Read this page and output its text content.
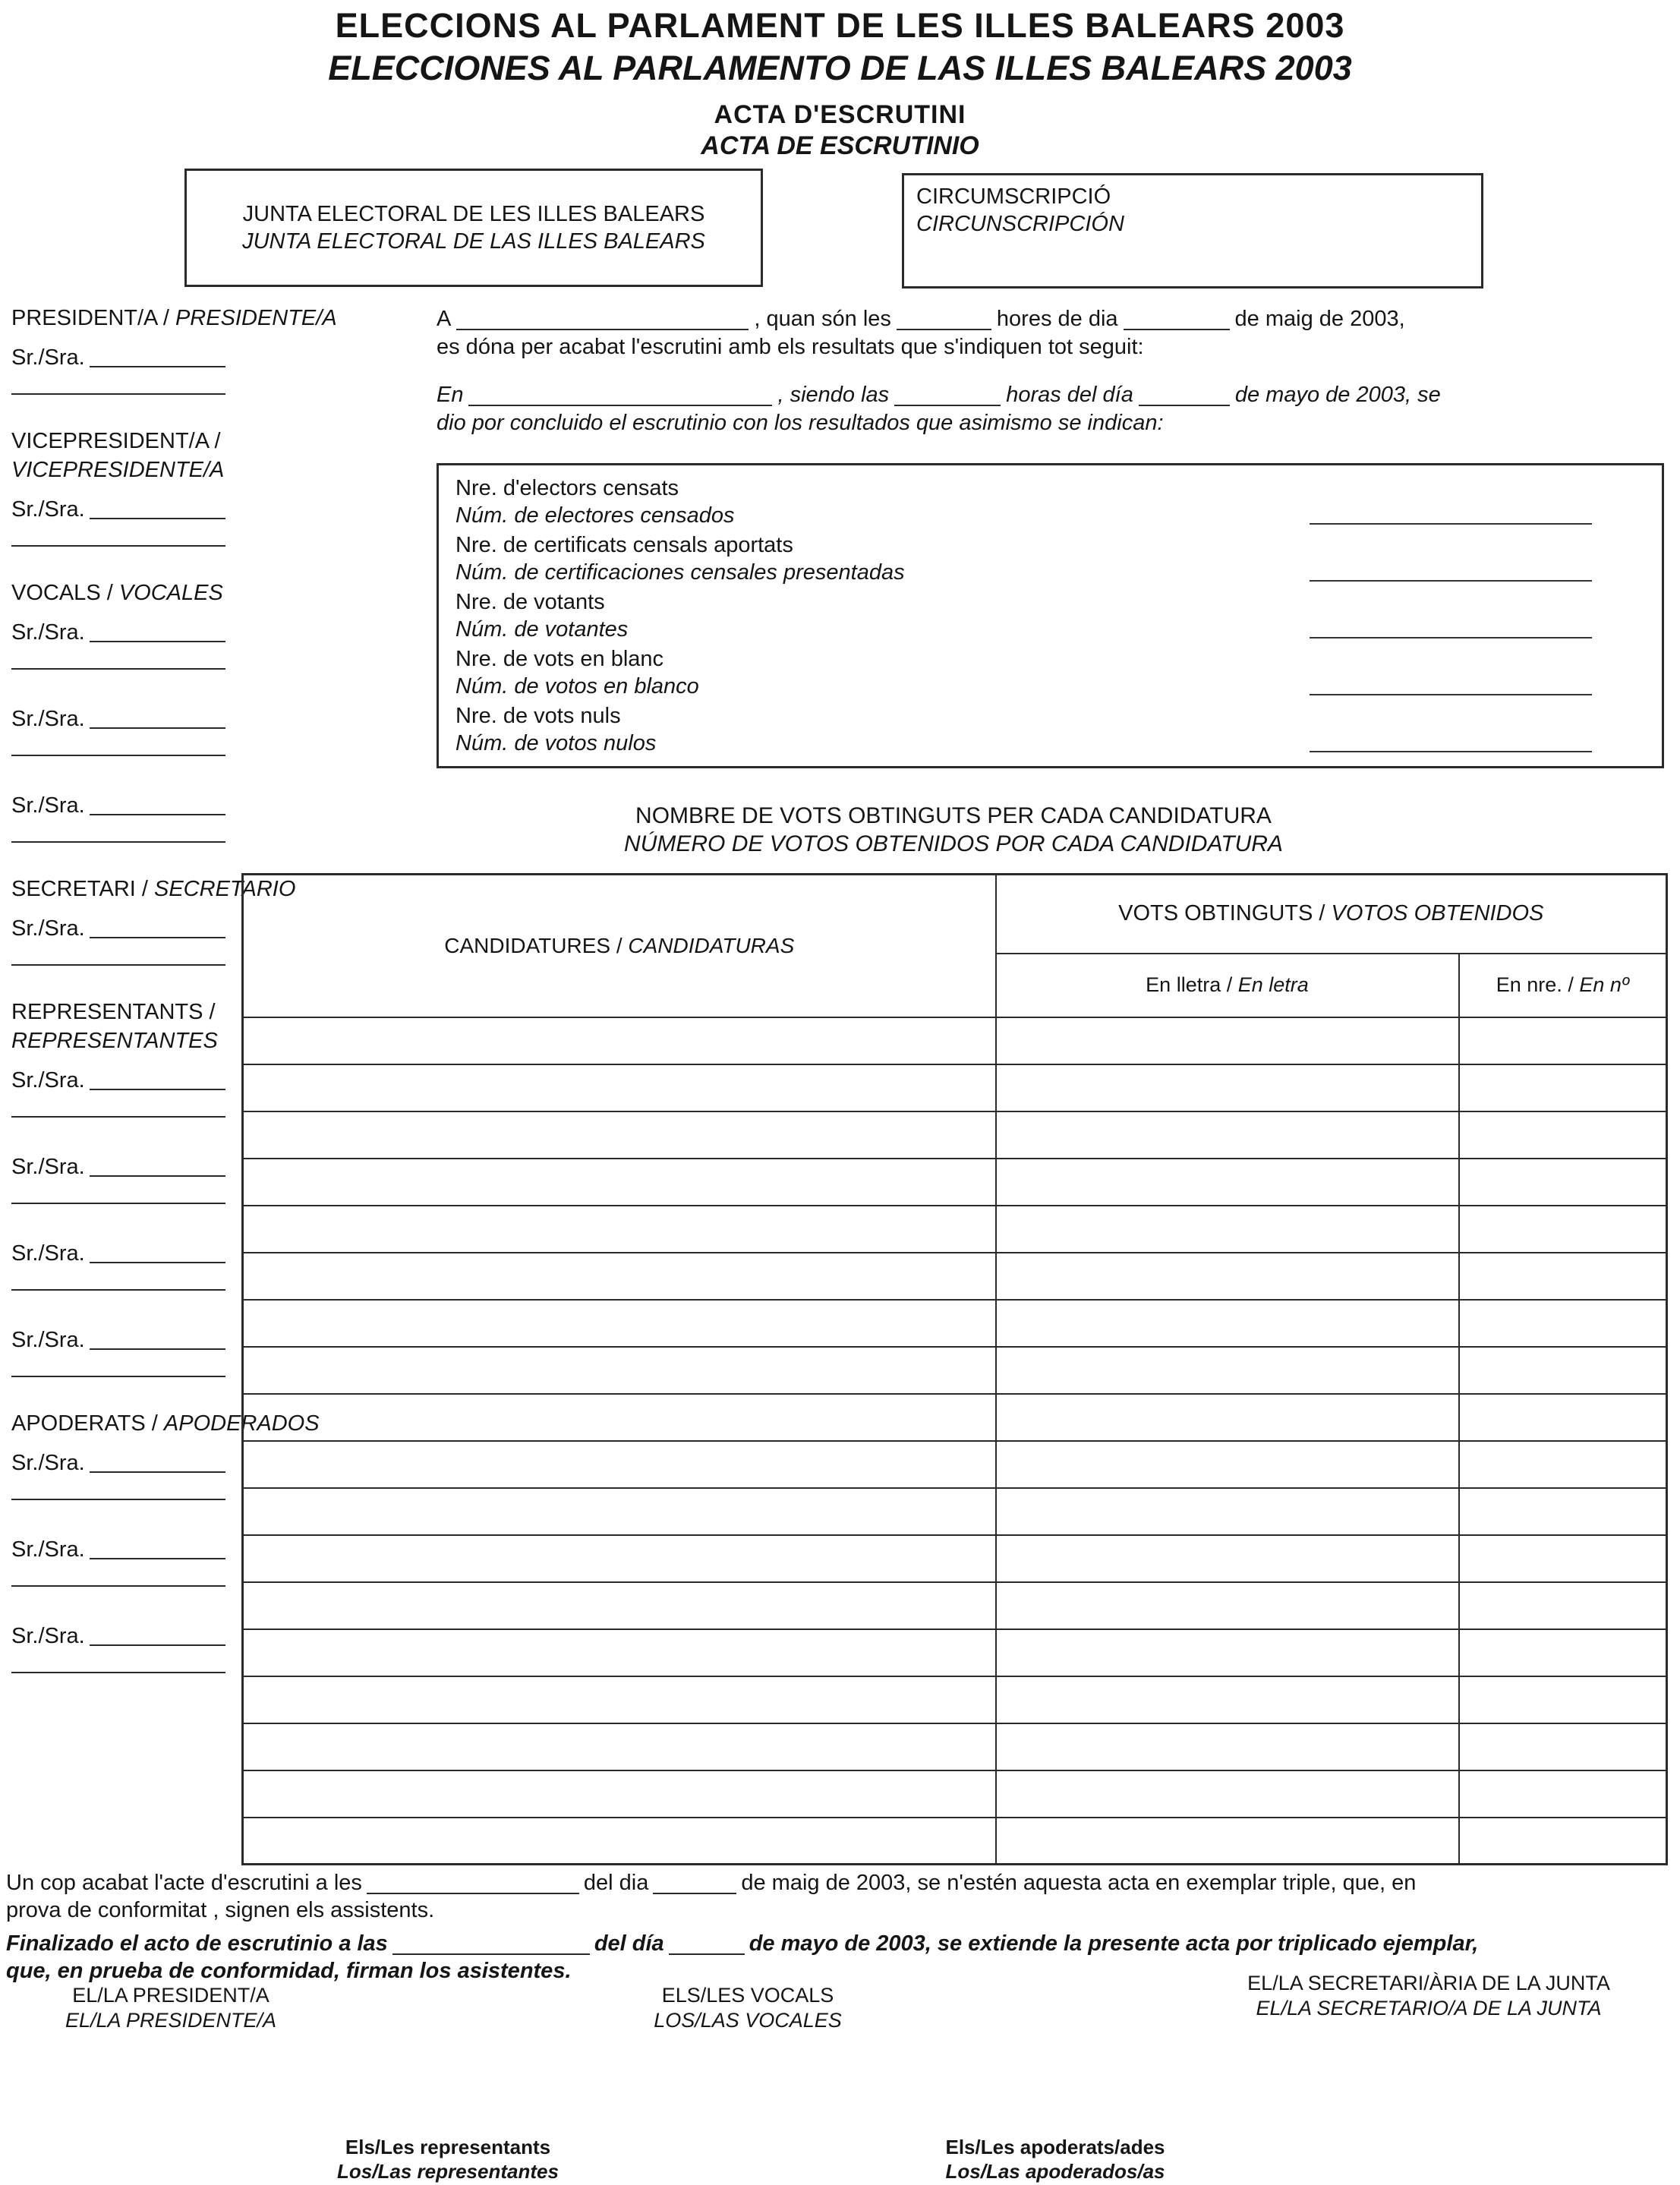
ELECCIONS AL PARLAMENT DE LES ILLES BALEARS 2003
ELECCIONES AL PARLAMENTO DE LAS ILLES BALEARS 2003
ACTA D'ESCRUTINI
ACTA DE ESCRUTINIO
JUNTA ELECTORAL DE LES ILLES BALEARS
JUNTA ELECTORAL DE LAS ILLES BALEARS
CIRCUMSCRIPCIÓ
CIRCUNSCRIPCIÓN
PRESIDENT/A / PRESIDENTE/A
Sr./Sra.
VICEPRESIDENT/A /
VICEPRESIDENTE/A
Sr./Sra.
VOCALS / VOCALES
Sr./Sra.
Sr./Sra.
Sr./Sra.
SECRETARI / SECRETARIO
Sr./Sra.
REPRESENTANTS /
REPRESENTANTES
Sr./Sra.
Sr./Sra.
Sr./Sra.
Sr./Sra.
APODERATS / APODERADOS
Sr./Sra.
Sr./Sra.
Sr./Sra.
A	, quan són les	hores de dia	de maig de 2003,
es dóna per acabat l'escrutini amb els resultats que s'indiquen tot seguit:
En	, siendo las	horas del día	de mayo de 2003, se
dio por concluido el escrutinio con los resultados que asimismo se indican:
Nre. d'electors censats
Núm. de electores censados
Nre. de certificats censals aportats
Núm. de certificaciones censales presentadas
Nre. de votants
Núm. de votantes
Nre. de vots en blanc
Núm. de votos en blanco
Nre. de vots nuls
Núm. de votos nulos
NOMBRE DE VOTS OBTINGUTS PER CADA CANDIDATURA
NÚMERO DE VOTOS OBTENIDOS POR CADA CANDIDATURA
CANDIDATURES / CANDIDATURAS	VOTS OBTINGUTS / VOTOS OBTENIDOS	
	En lletra / En letra	En nre. / En nº

Un cop acabat l'acte d'escrutini a les	del dia	de maig de 2003, se n'estén aquesta acta en exemplar triple, que, en
prova de conformitat , signen els assistents.
Finalizado el acto de escrutinio a las	del día	de mayo de 2003, se extiende la presente acta por triplicado ejemplar,
que, en prueba de conformidad, firman los asistentes.
EL/LA PRESIDENT/A
EL/LA PRESIDENTE/A
ELS/LES VOCALS
LOS/LAS VOCALES
EL/LA SECRETARI/ÀRIA DE LA JUNTA
EL/LA SECRETARIO/A DE LA JUNTA
Els/Les representants
Los/Las representantes
Els/Les apoderats/ades
Los/Las apoderados/as
